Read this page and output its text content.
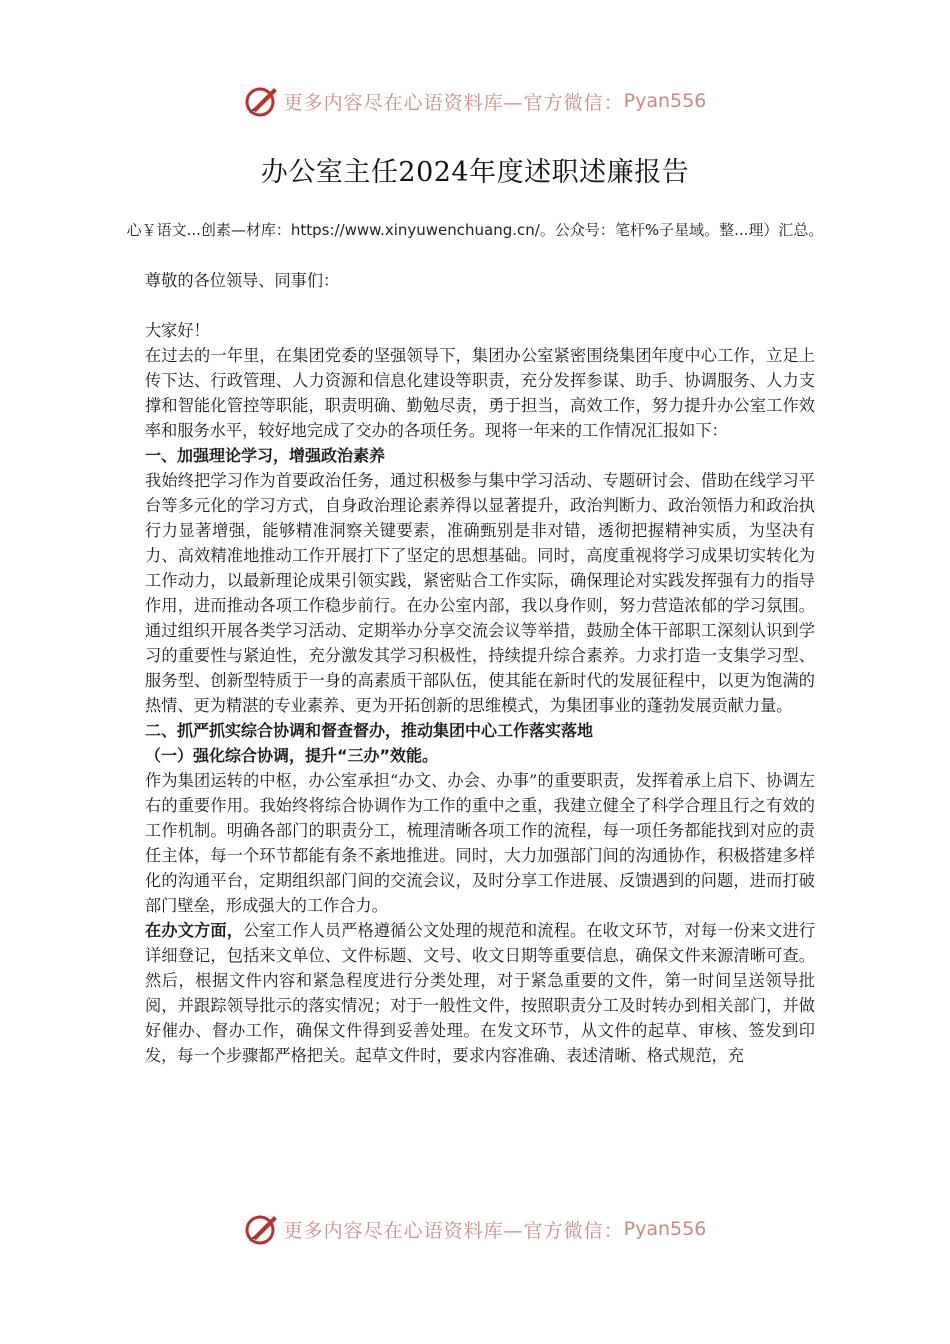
更多内容尽在心语资料库—官方微信： Pyan556
办公室主任2024年度述职述廉报告
心￥语文...创素—材库：https://www.xinyuwenchuang.cn/。公众号：笔杆%子星域。整...理）汇总。

尊敬的各位领导、同事们：

大家好！

在过去的一年里，在集团党委的坚强领导下，集团办公室紧密围绕集团年度中心工作，立足上传下达、行政管理、人力资源和信息化建设等职责，充分发挥参谋、助手、协调服务、人力支撑和智能化管控等职能，职责明确、勤勉尽责，勇于担当，高效工作，努力提升办公室工作效率和服务水平，较好地完成了交办的各项任务。现将一年来的工作情况汇报如下：

一、加强理论学习，增强政治素养

我始终把学习作为首要政治任务，通过积极参与集中学习活动、专题研讨会、借助在线学习平台等多元化的学习方式，自身政治理论素养得以显著提升，政治判断力、政治领悟力和政治执行力显著增强，能够精准洞察关键要素，准确甄别是非对错，透彻把握精神实质，为坚决有力、高效精准地推动工作开展打下了坚定的思想基础。同时，高度重视将学习成果切实转化为工作动力，以最新理论成果引领实践，紧密贴合工作实际，确保理论对实践发挥强有力的指导作用，进而推动各项工作稳步前行。在办公室内部，我以身作则，努力营造浓郁的学习氛围。通过组织开展各类学习活动、定期举办分享交流会议等举措，鼓励全体干部职工深刻认识到学习的重要性与紧迫性，充分激发其学习积极性，持续提升综合素养。力求打造一支集学习型、服务型、创新型特质于一身的高素质干部队伍，使其能在新时代的发展征程中，以更为饱满的热情、更为精湛的专业素养、更为开拓创新的思维模式，为集团事业的蓬勃发展贡献力量。

二、抓严抓实综合协调和督查督办，推动集团中心工作落实落地

（一）强化综合协调，提升“三办”效能。

作为集团运转的中枢，办公室承担“办文、办会、办事”的重要职责，发挥着承上启下、协调左右的重要作用。我始终将综合协调作为工作的重中之重，我建立健全了科学合理且行之有效的工作机制。明确各部门的职责分工，梳理清晰各项工作的流程，每一项任务都能找到对应的责任主体，每一个环节都能有条不紊地推进。同时，大力加强部门间的沟通协作，积极搭建多样化的沟通平台，定期组织部门间的交流会议，及时分享工作进展、反馈遇到的问题，进而打破部门壁垒，形成强大的工作合力。

在办文方面，公室工作人员严格遵循公文处理的规范和流程。在收文环节，对每一份来文进行详细登记，包括来文单位、文件标题、文号、收文日期等重要信息，确保文件来源清晰可查。然后，根据文件内容和紧急程度进行分类处理，对于紧急重要的文件，第一时间呈送领导批阅，并跟踪领导批示的落实情况；对于一般性文件，按照职责分工及时转办到相关部门，并做好催办、督办工作，确保文件得到妥善处理。在发文环节，从文件的起草、审核、签发到印发，每一个步骤都严格把关。起草文件时，要求内容准确、表述清晰、格式规范，充

更多内容尽在心语资料库—官方微信： Pyan556
